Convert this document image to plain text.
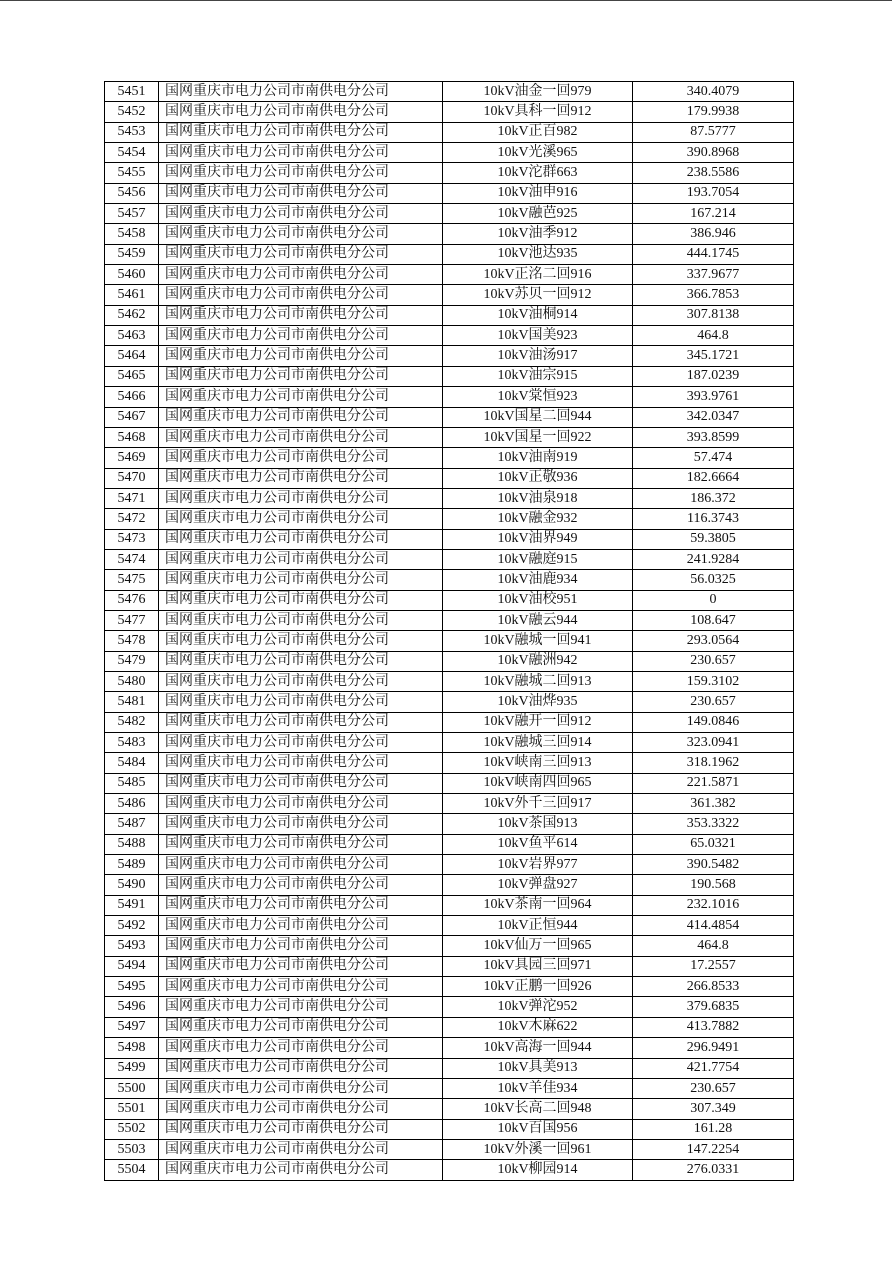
5451	国网重庆市电力公司市南供电分公司	10kV油金一回979	340.4079
5452	国网重庆市电力公司市南供电分公司	10kV具科一回912	179.9938
5453	国网重庆市电力公司市南供电分公司	10kV正百982	87.5777
5454	国网重庆市电力公司市南供电分公司	10kV光溪965	390.8968
5455	国网重庆市电力公司市南供电分公司	10kV沱群663	238.5586
5456	国网重庆市电力公司市南供电分公司	10kV油申916	193.7054
5457	国网重庆市电力公司市南供电分公司	10kV融芭925	167.214
5458	国网重庆市电力公司市南供电分公司	10kV油季912	386.946
5459	国网重庆市电力公司市南供电分公司	10kV池达935	444.1745
5460	国网重庆市电力公司市南供电分公司	10kV正洺二回916	337.9677
5461	国网重庆市电力公司市南供电分公司	10kV苏贝一回912	366.7853
5462	国网重庆市电力公司市南供电分公司	10kV油桐914	307.8138
5463	国网重庆市电力公司市南供电分公司	10kV国美923	464.8
5464	国网重庆市电力公司市南供电分公司	10kV油汤917	345.1721
5465	国网重庆市电力公司市南供电分公司	10kV油宗915	187.0239
5466	国网重庆市电力公司市南供电分公司	10kV棠恒923	393.9761
5467	国网重庆市电力公司市南供电分公司	10kV国星二回944	342.0347
5468	国网重庆市电力公司市南供电分公司	10kV国星一回922	393.8599
5469	国网重庆市电力公司市南供电分公司	10kV油南919	57.474
5470	国网重庆市电力公司市南供电分公司	10kV正敬936	182.6664
5471	国网重庆市电力公司市南供电分公司	10kV油泉918	186.372
5472	国网重庆市电力公司市南供电分公司	10kV融金932	116.3743
5473	国网重庆市电力公司市南供电分公司	10kV油界949	59.3805
5474	国网重庆市电力公司市南供电分公司	10kV融庭915	241.9284
5475	国网重庆市电力公司市南供电分公司	10kV油鹿934	56.0325
5476	国网重庆市电力公司市南供电分公司	10kV油校951	0
5477	国网重庆市电力公司市南供电分公司	10kV融云944	108.647
5478	国网重庆市电力公司市南供电分公司	10kV融城一回941	293.0564
5479	国网重庆市电力公司市南供电分公司	10kV融洲942	230.657
5480	国网重庆市电力公司市南供电分公司	10kV融城二回913	159.3102
5481	国网重庆市电力公司市南供电分公司	10kV油烨935	230.657
5482	国网重庆市电力公司市南供电分公司	10kV融开一回912	149.0846
5483	国网重庆市电力公司市南供电分公司	10kV融城三回914	323.0941
5484	国网重庆市电力公司市南供电分公司	10kV峡南三回913	318.1962
5485	国网重庆市电力公司市南供电分公司	10kV峡南四回965	221.5871
5486	国网重庆市电力公司市南供电分公司	10kV外千三回917	361.382
5487	国网重庆市电力公司市南供电分公司	10kV茶国913	353.3322
5488	国网重庆市电力公司市南供电分公司	10kV鱼平614	65.0321
5489	国网重庆市电力公司市南供电分公司	10kV岩界977	390.5482
5490	国网重庆市电力公司市南供电分公司	10kV弹盘927	190.568
5491	国网重庆市电力公司市南供电分公司	10kV茶南一回964	232.1016
5492	国网重庆市电力公司市南供电分公司	10kV正恒944	414.4854
5493	国网重庆市电力公司市南供电分公司	10kV仙万一回965	464.8
5494	国网重庆市电力公司市南供电分公司	10kV具园三回971	17.2557
5495	国网重庆市电力公司市南供电分公司	10kV正鹏一回926	266.8533
5496	国网重庆市电力公司市南供电分公司	10kV弹沱952	379.6835
5497	国网重庆市电力公司市南供电分公司	10kV木麻622	413.7882
5498	国网重庆市电力公司市南供电分公司	10kV高海一回944	296.9491
5499	国网重庆市电力公司市南供电分公司	10kV具美913	421.7754
5500	国网重庆市电力公司市南供电分公司	10kV羊佳934	230.657
5501	国网重庆市电力公司市南供电分公司	10kV长高二回948	307.349
5502	国网重庆市电力公司市南供电分公司	10kV百国956	161.28
5503	国网重庆市电力公司市南供电分公司	10kV外溪一回961	147.2254
5504	国网重庆市电力公司市南供电分公司	10kV柳园914	276.0331
